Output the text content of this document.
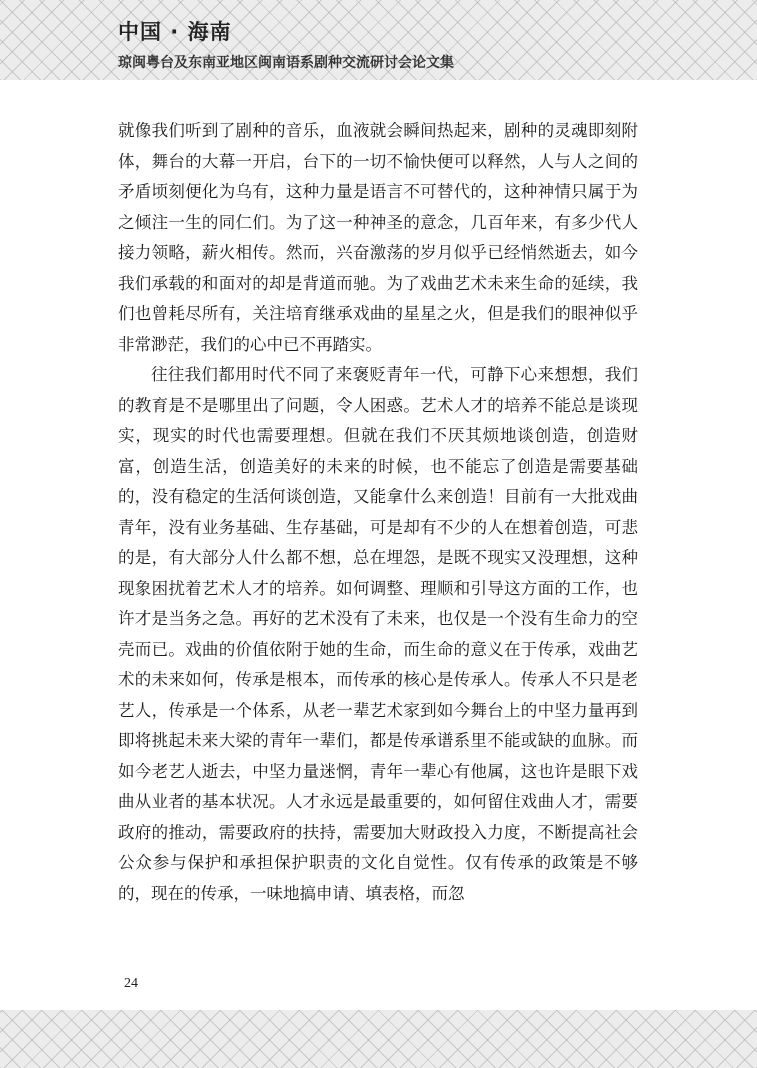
中国 · 海南
琼闽粤台及东南亚地区闽南语系剧种交流研讨会论文集

就像我们听到了剧种的音乐，血液就会瞬间热起来，剧种的灵魂即刻附体，舞台的大幕一开启，台下的一切不愉快便可以释然，人与人之间的矛盾顷刻便化为乌有，这种力量是语言不可替代的，这种神情只属于为之倾注一生的同仁们。为了这一种神圣的意念，几百年来，有多少代人接力领略，薪火相传。然而，兴奋激荡的岁月似乎已经悄然逝去，如今我们承载的和面对的却是背道而驰。为了戏曲艺术未来生命的延续，我们也曾耗尽所有，关注培育继承戏曲的星星之火，但是我们的眼神似乎非常渺茫，我们的心中已不再踏实。

往往我们都用时代不同了来褒贬青年一代，可静下心来想想，我们的教育是不是哪里出了问题，令人困惑。艺术人才的培养不能总是谈现实，现实的时代也需要理想。但就在我们不厌其烦地谈创造，创造财富，创造生活，创造美好的未来的时候，也不能忘了创造是需要基础的，没有稳定的生活何谈创造，又能拿什么来创造！目前有一大批戏曲青年，没有业务基础、生存基础，可是却有不少的人在想着创造，可悲的是，有大部分人什么都不想，总在埋怨，是既不现实又没理想，这种现象困扰着艺术人才的培养。如何调整、理顺和引导这方面的工作，也许才是当务之急。再好的艺术没有了未来，也仅是一个没有生命力的空壳而已。戏曲的价值依附于她的生命，而生命的意义在于传承，戏曲艺术的未来如何，传承是根本，而传承的核心是传承人。传承人不只是老艺人，传承是一个体系，从老一辈艺术家到如今舞台上的中坚力量再到即将挑起未来大梁的青年一辈们，都是传承谱系里不能或缺的血脉。而如今老艺人逝去，中坚力量迷惘，青年一辈心有他属，这也许是眼下戏曲从业者的基本状况。人才永远是最重要的，如何留住戏曲人才，需要政府的推动，需要政府的扶持，需要加大财政投入力度，不断提高社会公众参与保护和承担保护职责的文化自觉性。仅有传承的政策是不够的，现在的传承，一味地搞申请、填表格，而忽

24
